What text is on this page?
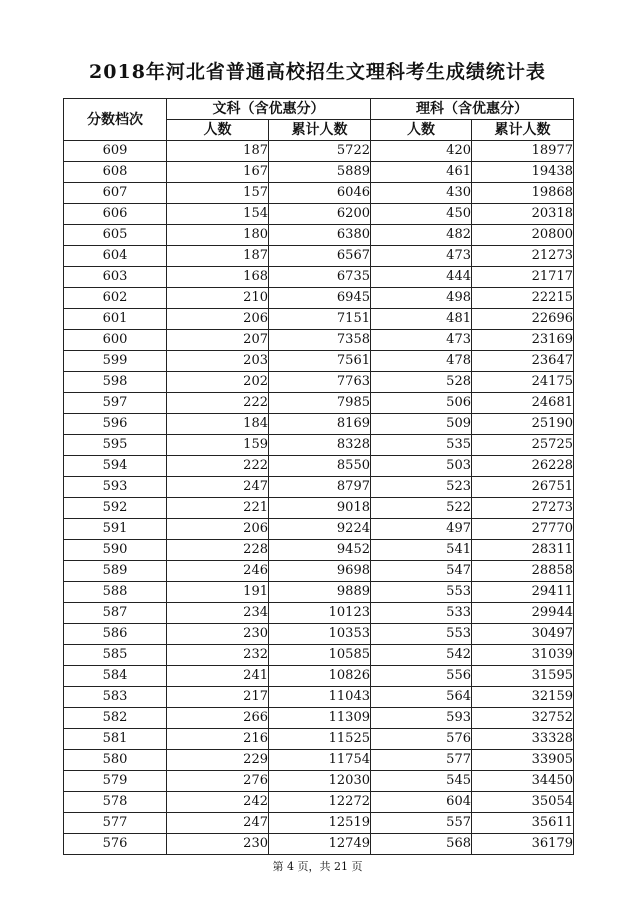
2018年河北省普通高校招生文理科考生成绩统计表
分数档次	文科（含优惠分）		理科（含优惠分）	
	人数	累计人数	人数	累计人数
609	187	5722	420	18977
608	167	5889	461	19438
607	157	6046	430	19868
606	154	6200	450	20318
605	180	6380	482	20800
604	187	6567	473	21273
603	168	6735	444	21717
602	210	6945	498	22215
601	206	7151	481	22696
600	207	7358	473	23169
599	203	7561	478	23647
598	202	7763	528	24175
597	222	7985	506	24681
596	184	8169	509	25190
595	159	8328	535	25725
594	222	8550	503	26228
593	247	8797	523	26751
592	221	9018	522	27273
591	206	9224	497	27770
590	228	9452	541	28311
589	246	9698	547	28858
588	191	9889	553	29411
587	234	10123	533	29944
586	230	10353	553	30497
585	232	10585	542	31039
584	241	10826	556	31595
583	217	11043	564	32159
582	266	11309	593	32752
581	216	11525	576	33328
580	229	11754	577	33905
579	276	12030	545	34450
578	242	12272	604	35054
577	247	12519	557	35611
576	230	12749	568	36179
第 4 页，共 21 页
